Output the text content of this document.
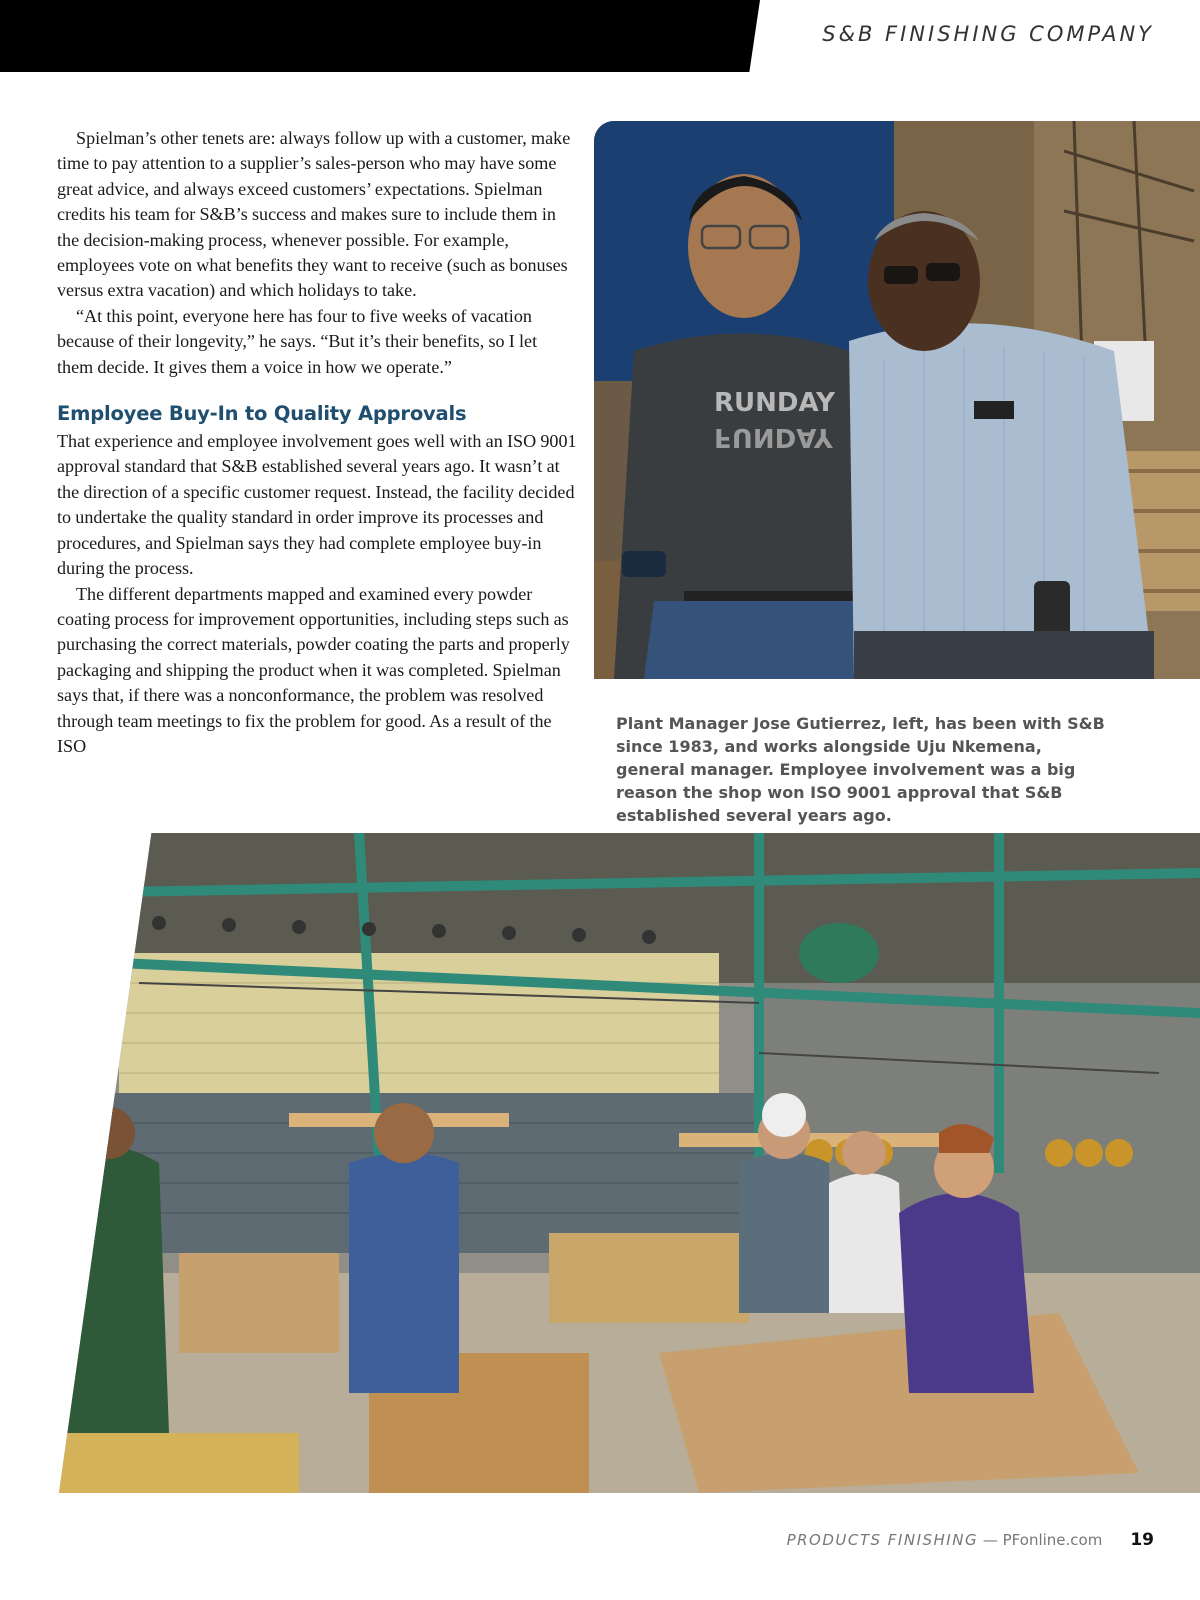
S&B FINISHING COMPANY

Spielman’s other tenets are: always follow up with a customer, make time to pay attention to a supplier’s sales-person who may have some great advice, and always exceed customers’ expectations. Spielman credits his team for S&B’s success and makes sure to include them in the decision-making process, whenever possible. For example, employees vote on what benefits they want to receive (such as bonuses versus extra vacation) and which holidays to take.

“At this point, everyone here has four to five weeks of vacation because of their longevity,” he says. “But it’s their benefits, so I let them decide. It gives them a voice in how we operate.”

Employee Buy-In to Quality Approvals

That experience and employee involvement goes well with an ISO 9001 approval standard that S&B established several years ago. It wasn’t at the direction of a specific customer request. Instead, the facility decided to undertake the quality standard in order improve its processes and procedures, and Spielman says they had complete employee buy-in during the process.

The different departments mapped and examined every powder coating process for improvement opportunities, including steps such as purchasing the correct materials, powder coating the parts and properly packaging and shipping the product when it was completed. Spielman says that, if there was a nonconformance, the problem was resolved through team meetings to fix the problem for good. As a result of the ISO

RUNDAY
FUNDAY
Plant Manager Jose Gutierrez, left, has been with S&B since 1983, and works alongside Uju Nkemena, general manager. Employee involvement was a big reason the shop won ISO 9001 approval that S&B established several years ago.
PRODUCTS FINISHING — PFonline.com 19
